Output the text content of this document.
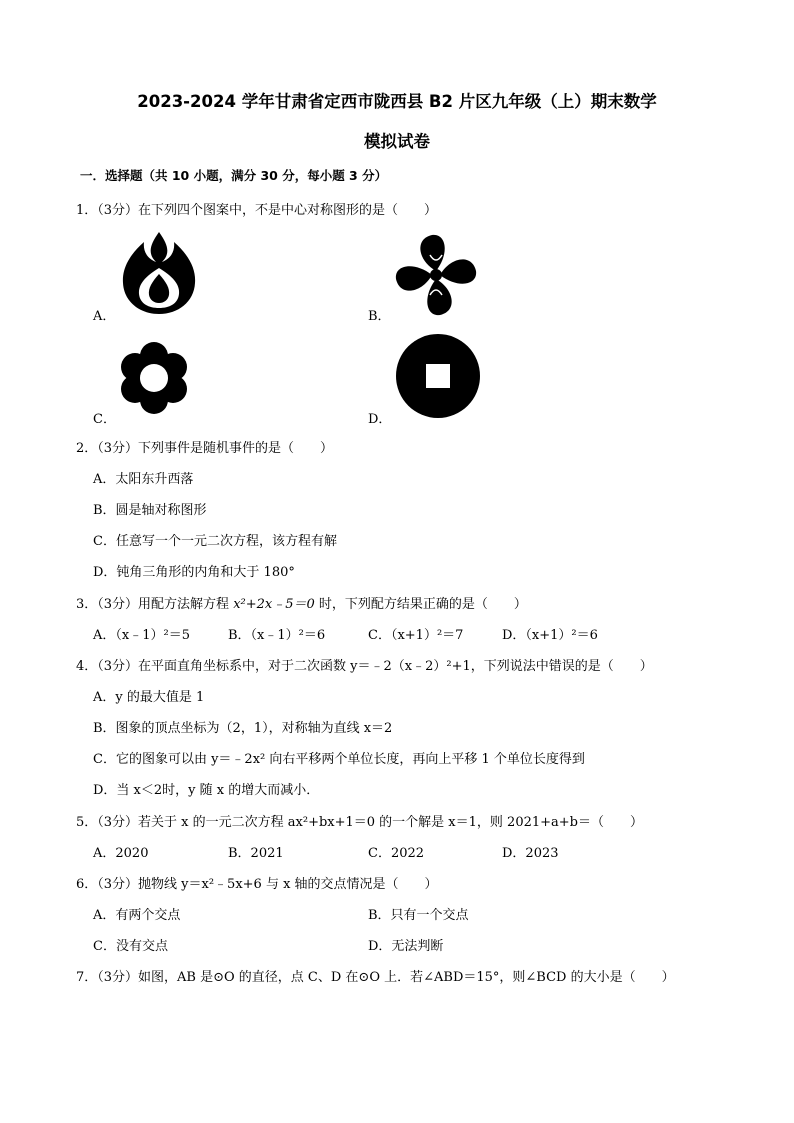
2023-2024 学年甘肃省定西市陇西县 B2 片区九年级（上）期末数学
模拟试卷
一．选择题（共 10 小题，满分 30 分，每小题 3 分）
1．（3分）在下列四个图案中，不是中心对称图形的是（　　）
A．	B．
C．	D．
2．（3分）下列事件是随机事件的是（　　）
A．太阳东升西落
B．圆是轴对称图形
C．任意写一个一元二次方程，该方程有解
D．钝角三角形的内角和大于 180°
3．（3分）用配方法解方程 x²+2x﹣5＝0 时，下列配方结果正确的是（　　）
A．（x﹣1）²＝5	B．（x﹣1）²＝6	C．（x+1）²＝7	D．（x+1）²＝6
4．（3分）在平面直角坐标系中，对于二次函数 y＝﹣2（x﹣2）²+1，下列说法中错误的是（　　）
A．y 的最大值是 1
B．图象的顶点坐标为（2，1），对称轴为直线 x＝2
C．它的图象可以由 y＝﹣2x² 向右平移两个单位长度，再向上平移 1 个单位长度得到
D．当 x＜2时，y 随 x 的增大而减小．
5．（3分）若关于 x 的一元二次方程 ax²+bx+1＝0 的一个解是 x＝1，则 2021+a+b＝（　　）
A．2020	B．2021	C．2022	D．2023
6．（3分）抛物线 y＝x²﹣5x+6 与 x 轴的交点情况是（　　）
A．有两个交点	B．只有一个交点
C．没有交点	D．无法判断
7．（3分）如图，AB 是⊙O 的直径，点 C、D 在⊙O 上．若∠ABD＝15°，则∠BCD 的大小是（　　）
